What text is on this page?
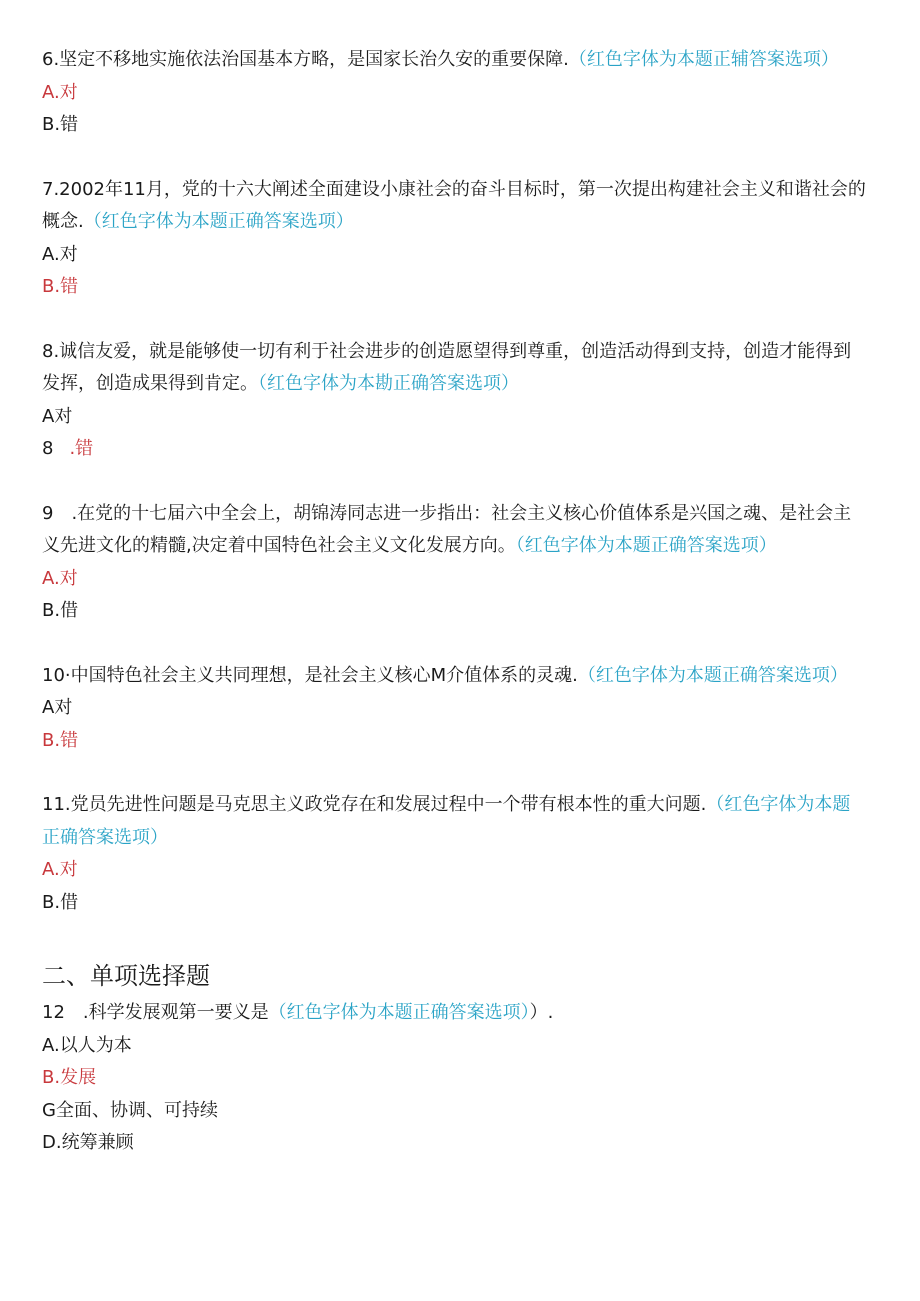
6.坚定不移地实施依法治国基本方略，是国家长治久安的重要保障.（红色字体为本题正辅答案选项）
A.对
B.错
7.2002年11月，党的十六大阐述全面建设小康社会的奋斗目标时，第一次提出构建社会主义和谐社会的
概念.（红色字体为本题正确答案选项）
A.对
B.错
8.诚信友爱，就是能够使一切有利于社会进步的创造愿望得到尊重，创造活动得到支持，创造才能得到
发挥，创造成果得到肯定。（红色字体为本勘正确答案选项）
A对
8 .错
9　.在党的十七届六中全会上，胡锦涛同志进一步指出：社会主义核心价值体系是兴国之魂、是社会主
义先进文化的精髓,决定着中国特色社会主义文化发展方向。（红色字体为本题正确答案选项）
A.对
B.借
10·中国特色社会主义共同理想，是社会主义核心M介值体系的灵魂.（红色字体为本题正确答案选项）
A对
B.错
11.党员先进性问题是马克思主义政党存在和发展过程中一个带有根本性的重大问题.（红色字体为本题
正确答案选项）
A.对
B.借
二、单项选择题
12　.科学发展观第一要义是（红色字体为本题正确答案选项））.
A.以人为本
B.发展
G全面、协调、可持续
D.统筹兼顾
